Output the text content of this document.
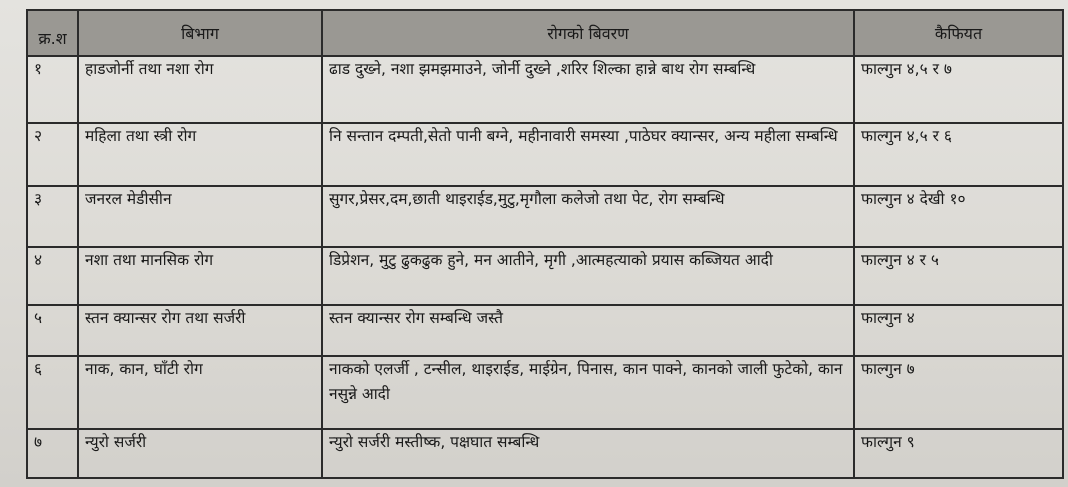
क्र.श	बिभाग	रोगको बिवरण	कैफियत
१	हाडजोर्नी तथा नशा रोग	ढाड दुख्ने, नशा झमझमाउने, जोर्नी दुख्ने ,शरिर शिल्का हान्ने बाथ रोग सम्बन्धि	फाल्गुन ४,५ र ७
२	महिला तथा स्त्री रोग	नि सन्तान दम्पती,सेतो पानी बग्ने, महीनावारी समस्या ,पाठेघर क्यान्सर, अन्य महीला सम्बन्धि	फाल्गुन ४,५ र ६
३	जनरल मेडीसीन	सुगर,प्रेसर,दम,छाती थाइराईड,मुटु,मृगौला कलेजो तथा पेट, रोग सम्बन्धि	फाल्गुन ४ देखी १०
४	नशा तथा मानसिक रोग	डिप्रेशन, मुटु ढुकढुक हुने, मन आतीने, मृगी ,आत्महत्याको प्रयास कब्जियत आदी	फाल्गुन ४ र ५
५	स्तन क्यान्सर रोग तथा सर्जरी	स्तन क्यान्सर रोग सम्बन्धि जस्तै	फाल्गुन ४
६	नाक, कान, घाँटी रोग	नाकको एलर्जी , टन्सील, थाइराईड, माईग्रेन, पिनास, कान पाक्ने, कानको जाली फुटेको, कान नसुन्ने आदी	फाल्गुन ७
७	न्युरो सर्जरी	न्युरो सर्जरी मस्तीष्क, पक्षघात सम्बन्धि	फाल्गुन ९
